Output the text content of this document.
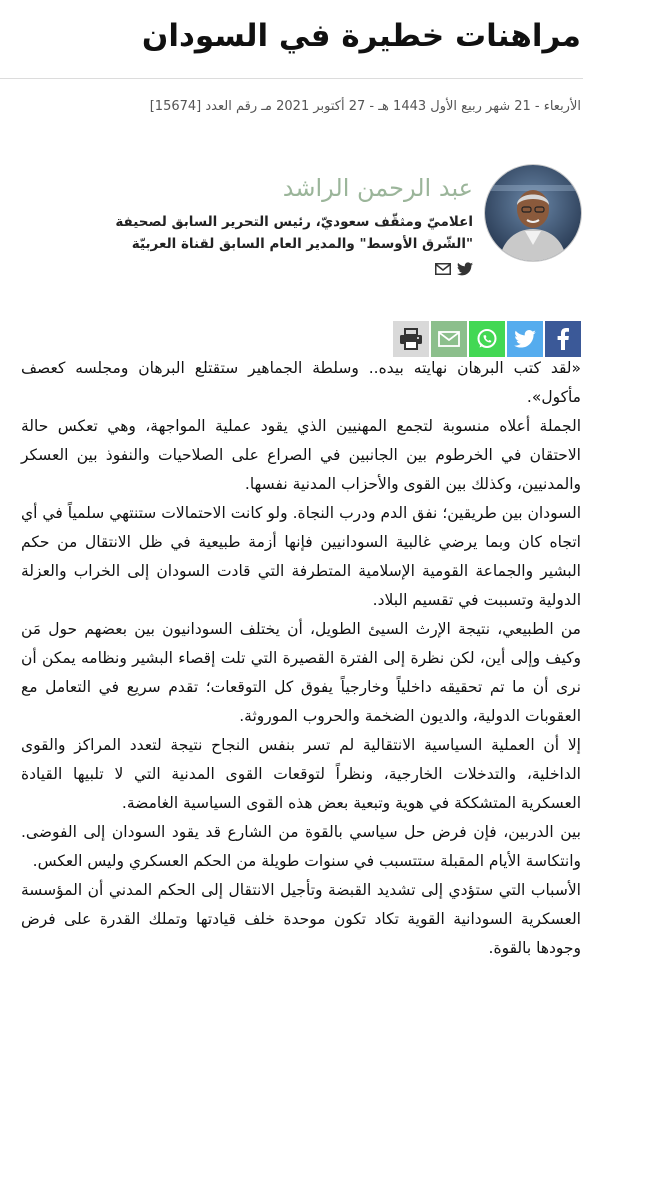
مراهنات خطيرة في السودان
الأربعاء - 21 شهر ربيع الأول 1443 هـ - 27 أكتوبر 2021 مـ رقم العدد [15674]
عبد الرحمن الراشد
اعلاميّ ومثقّف سعوديّ، رئيس التحرير السابق لصحيفة "الشّرق الأوسط" والمدير العام السابق لقناة العربيّة

«لقد كتب البرهان نهايته بيده.. وسلطة الجماهير ستقتلع البرهان ومجلسه كعصف مأكول».

الجملة أعلاه منسوبة لتجمع المهنيين الذي يقود عملية المواجهة، وهي تعكس حالة الاحتقان في الخرطوم بين الجانبين في الصراع على الصلاحيات والنفوذ بين العسكر والمدنيين، وكذلك بين القوى والأحزاب المدنية نفسها.

السودان بين طريقين؛ نفق الدم ودرب النجاة. ولو كانت الاحتمالات ستنتهي سلمياً في أي اتجاه كان وبما يرضي غالبية السودانيين فإنها أزمة طبيعية في ظل الانتقال من حكم البشير والجماعة القومية الإسلامية المتطرفة التي قادت السودان إلى الخراب والعزلة الدولية وتسببت في تقسيم البلاد.

من الطبيعي، نتيجة الإرث السيئ الطويل، أن يختلف السودانيون بين بعضهم حول مَن وكيف وإلى أين، لكن نظرة إلى الفترة القصيرة التي تلت إقصاء البشير ونظامه يمكن أن نرى أن ما تم تحقيقه داخلياً وخارجياً يفوق كل التوقعات؛ تقدم سريع في التعامل مع العقوبات الدولية، والديون الضخمة والحروب الموروثة.

إلا أن العملية السياسية الانتقالية لم تسر بنفس النجاح نتيجة لتعدد المراكز والقوى الداخلية، والتدخلات الخارجية، ونظراً لتوقعات القوى المدنية التي لا تلبيها القيادة العسكرية المتشككة في هوية وتبعية بعض هذه القوى السياسية الغامضة.

بين الدربين، فإن فرض حل سياسي بالقوة من الشارع قد يقود السودان إلى الفوضى. وانتكاسة الأيام المقبلة ستتسبب في سنوات طويلة من الحكم العسكري وليس العكس.

الأسباب التي ستؤدي إلى تشديد القبضة وتأجيل الانتقال إلى الحكم المدني أن المؤسسة العسكرية السودانية القوية تكاد تكون موحدة خلف قيادتها وتملك القدرة على فرض وجودها بالقوة.
